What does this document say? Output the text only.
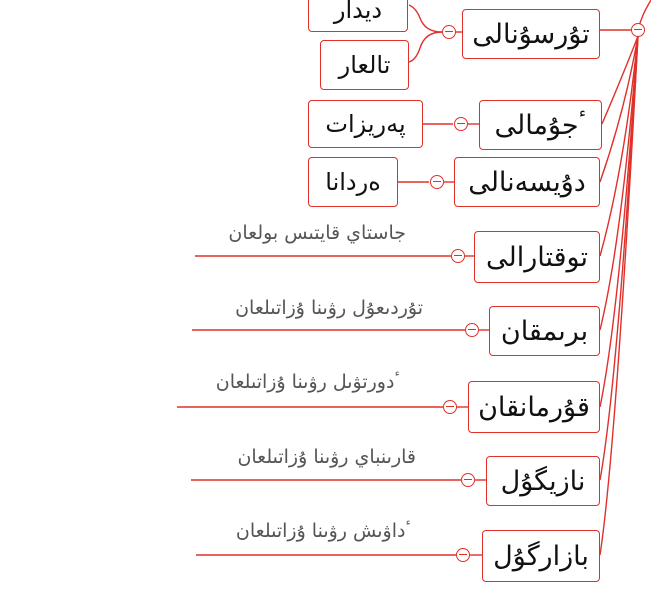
تۇرسۇنالى
ديدار
تالعار
ٴجۇمالى
پەريزات
دۇيسەنالى
ەردانا
توقتارالى
جاستاي قايتىس بولعان
برىمقان
تۇردىعۇل رۋىنا ۇزاتىلعان
قۇرمانقان
ٴدورتۋىل رۋىنا ۇزاتىلعان
نازيگۇل
قارىنباي رۋىنا ۇزاتىلعان
بازارگۇل
ٴداۋىش رۋىنا ۇزاتىلعان
